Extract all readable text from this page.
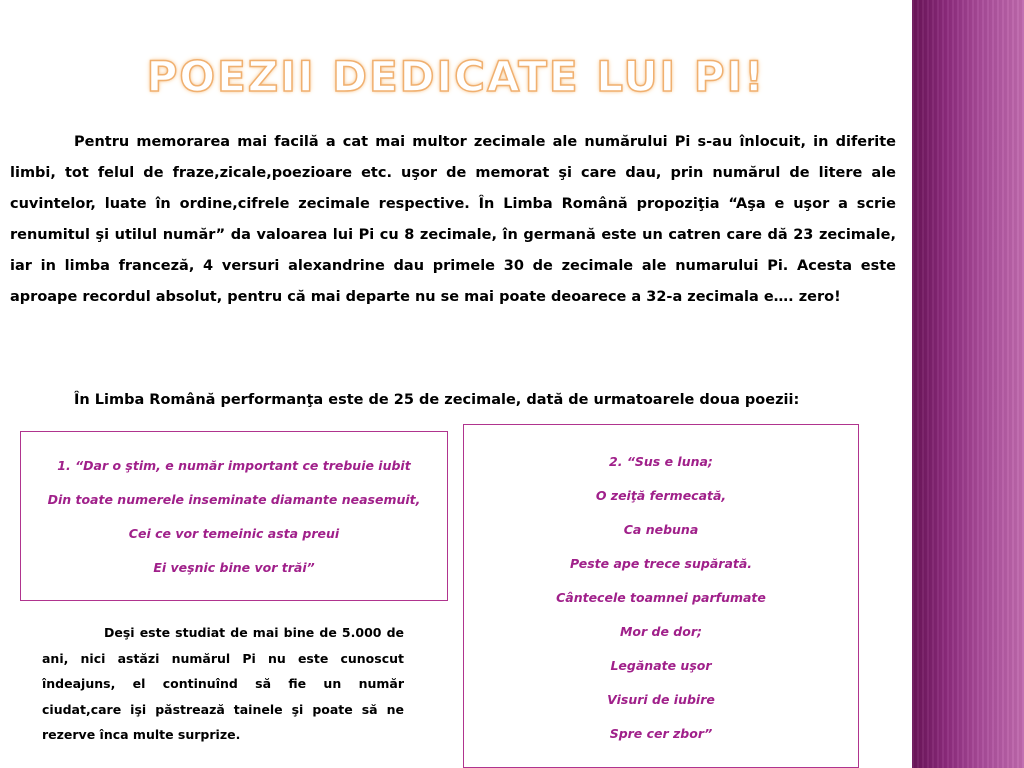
POEZII DEDICATE LUI PI!
Pentru memorarea mai facilă a cat mai multor zecimale ale numărului Pi s-au înlocuit, in diferite limbi, tot felul de fraze,zicale,poezioare etc. uşor de memorat şi care dau, prin numărul de litere ale cuvintelor, luate în ordine,cifrele zecimale respective. În Limba Română propoziţia “Aşa e uşor a scrie renumitul şi utilul număr” da valoarea lui Pi cu 8 zecimale, în germană este un catren care dă 23 zecimale, iar in limba franceză, 4 versuri alexandrine dau primele 30 de zecimale ale numarului Pi. Acesta este aproape recordul absolut, pentru că mai departe nu se mai poate deoarece a 32-a zecimala e…. zero!
În Limba Română performanţa este de 25 de zecimale, dată de urmatoarele doua poezii:
1. “Dar o ştim, e număr important ce trebuie iubit
Din toate numerele inseminate diamante neasemuit,
Cei ce vor temeinic asta preui
Ei veşnic bine vor trăi”
2. “Sus e luna;
O zeiţă fermecată,
Ca nebuna
Peste ape trece supărată.
Cântecele toamnei parfumate
Mor de dor;
Legănate uşor
Visuri de iubire
Spre cer zbor”
Deşi este studiat de mai bine de 5.000 de ani, nici astăzi numărul Pi nu este cunoscut îndeajuns, el continuînd să fie un număr ciudat,care işi păstrează tainele şi poate să ne rezerve înca multe surprize.
